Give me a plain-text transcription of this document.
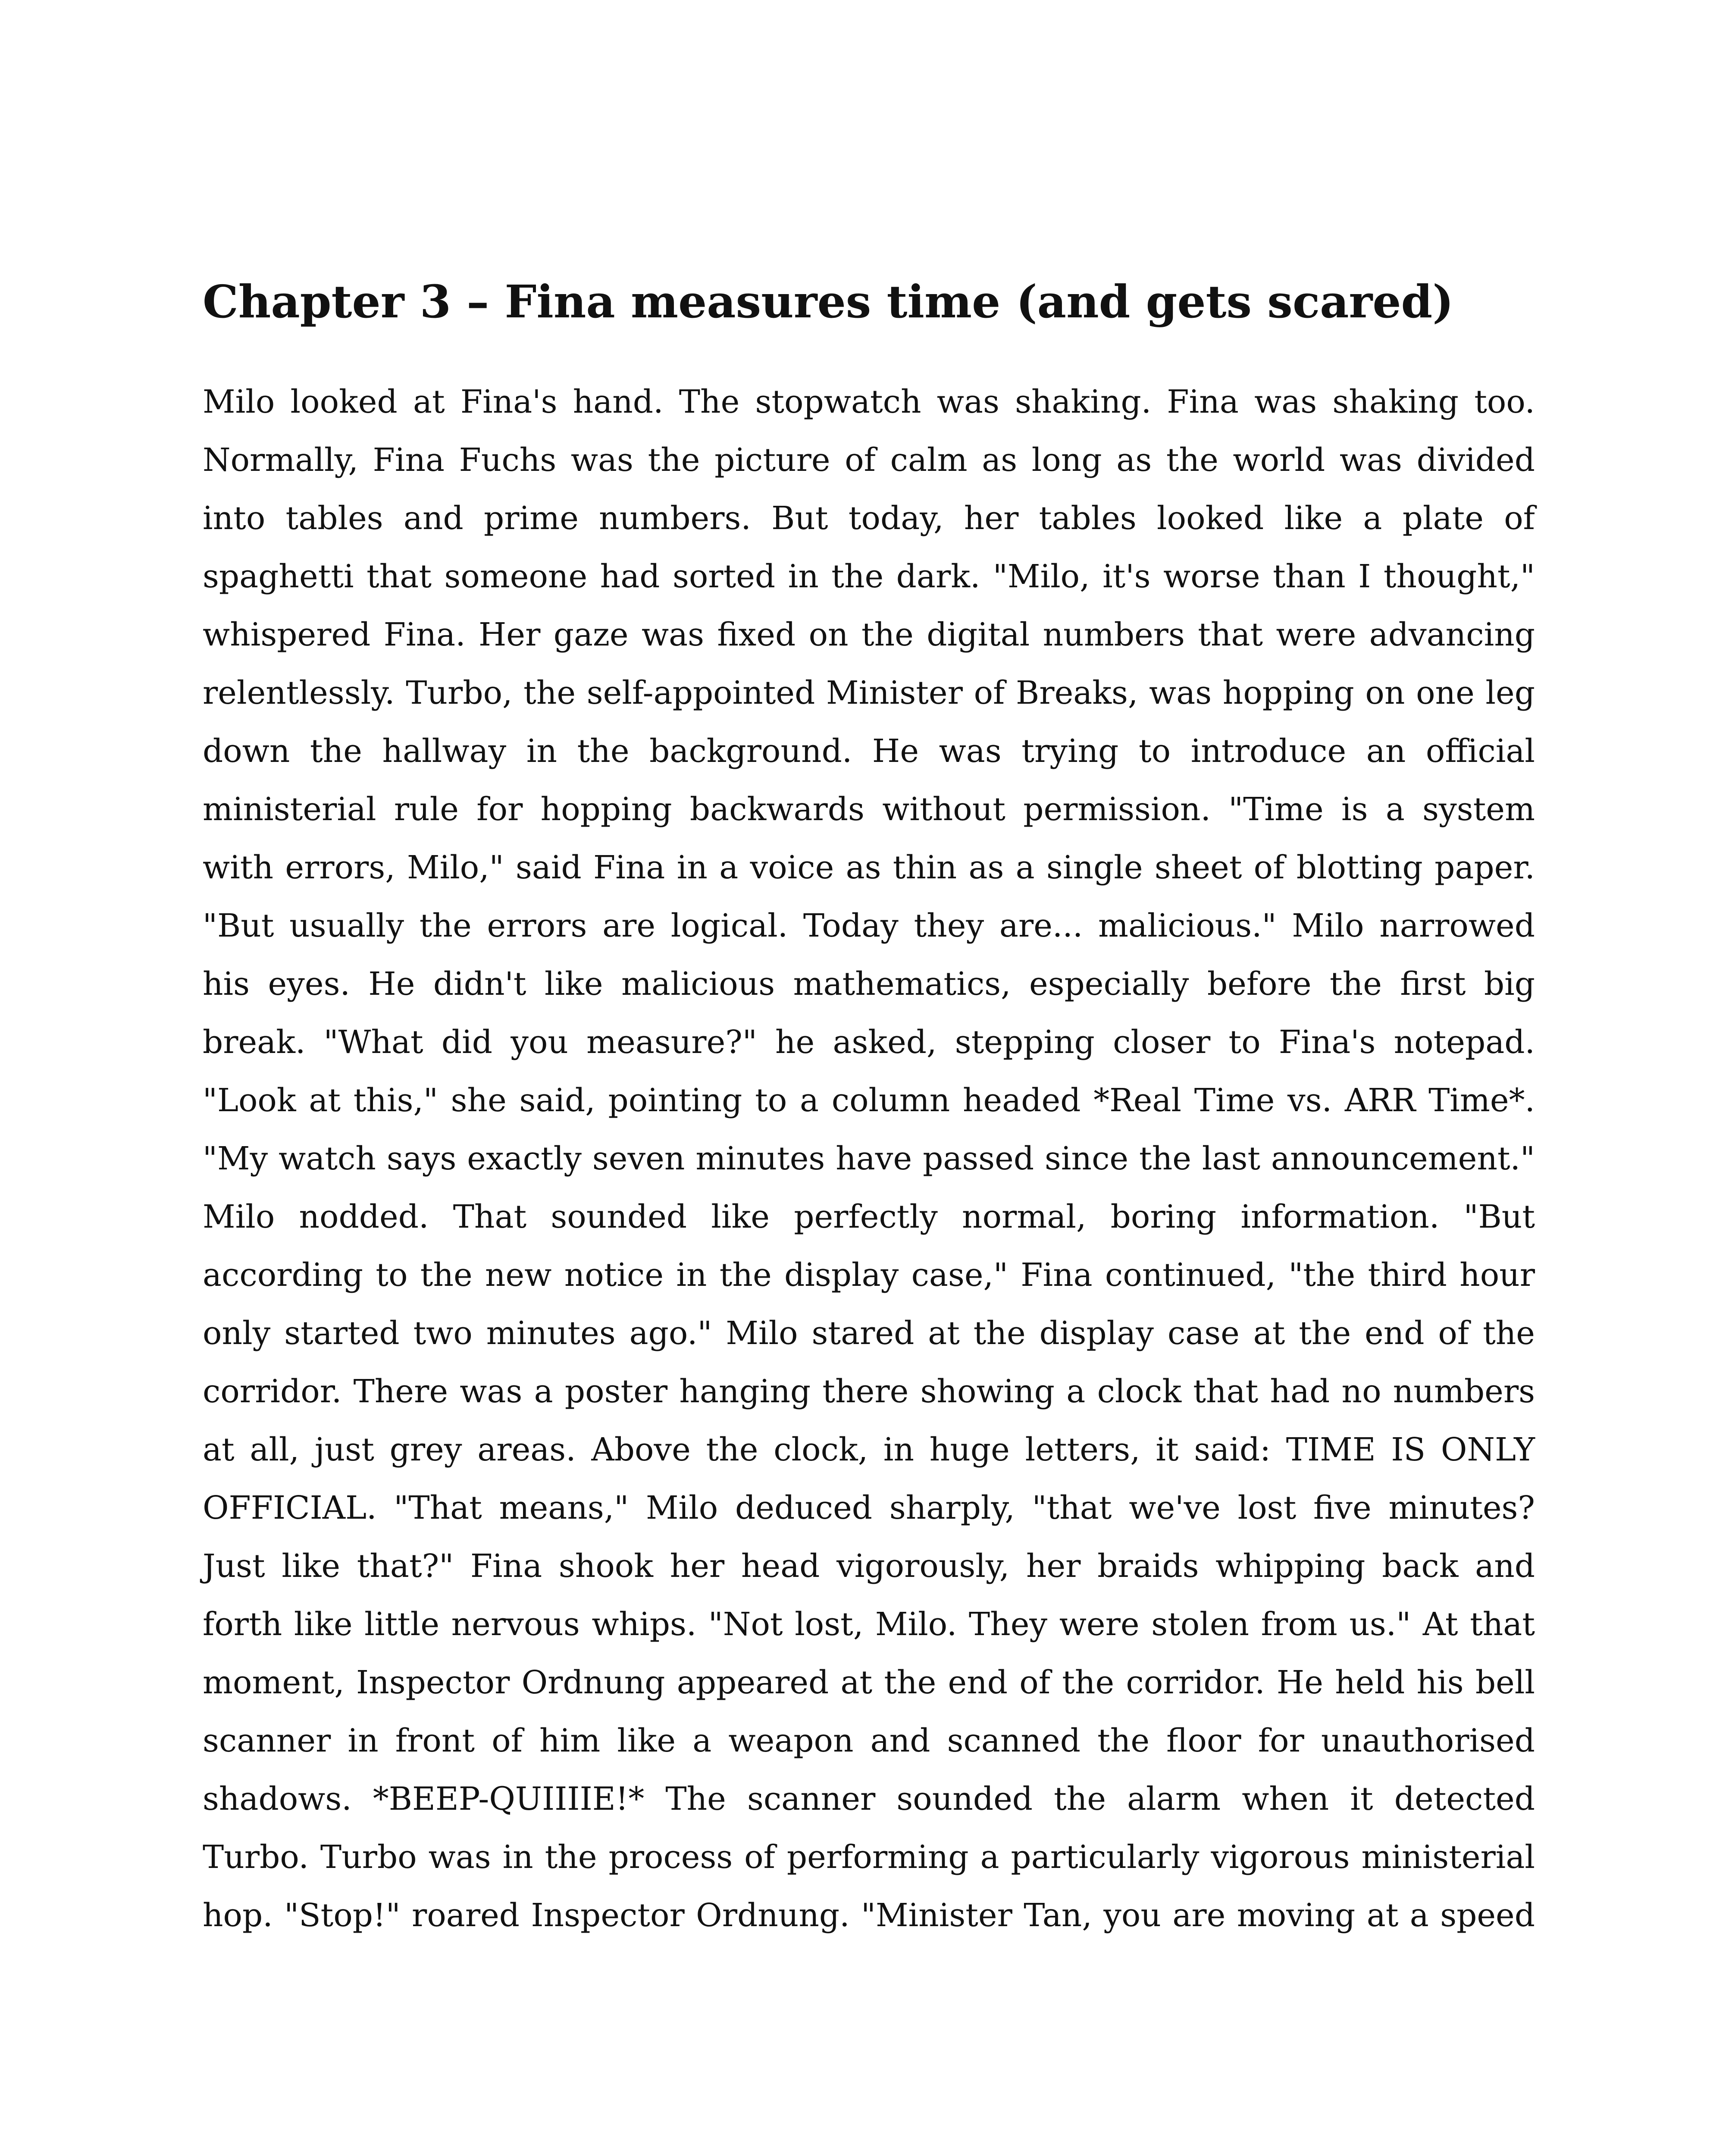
Chapter 3 – Fina measures time (and gets scared)
Milo looked at Fina's hand. The stopwatch was shaking. Fina was shaking too.
Normally, Fina Fuchs was the picture of calm as long as the world was divided
into tables and prime numbers. But today, her tables looked like a plate of
spaghetti that someone had sorted in the dark. "Milo, it's worse than I thought,"
whispered Fina. Her gaze was fixed on the digital numbers that were advancing
relentlessly. Turbo, the self-appointed Minister of Breaks, was hopping on one leg
down the hallway in the background. He was trying to introduce an official
ministerial rule for hopping backwards without permission. "Time is a system
with errors, Milo," said Fina in a voice as thin as a single sheet of blotting paper.
"But usually the errors are logical. Today they are... malicious." Milo narrowed
his eyes. He didn't like malicious mathematics, especially before the first big
break. "What did you measure?" he asked, stepping closer to Fina's notepad.
"Look at this," she said, pointing to a column headed *Real Time vs. ARR Time*.
"My watch says exactly seven minutes have passed since the last announcement."
Milo nodded. That sounded like perfectly normal, boring information. "But
according to the new notice in the display case," Fina continued, "the third hour
only started two minutes ago." Milo stared at the display case at the end of the
corridor. There was a poster hanging there showing a clock that had no numbers
at all, just grey areas. Above the clock, in huge letters, it said: TIME IS ONLY
OFFICIAL. "That means," Milo deduced sharply, "that we've lost five minutes?
Just like that?" Fina shook her head vigorously, her braids whipping back and
forth like little nervous whips. "Not lost, Milo. They were stolen from us." At that
moment, Inspector Ordnung appeared at the end of the corridor. He held his bell
scanner in front of him like a weapon and scanned the floor for unauthorised
shadows. *BEEP-QUIIIIE!* The scanner sounded the alarm when it detected
Turbo. Turbo was in the process of performing a particularly vigorous ministerial
hop. "Stop!" roared Inspector Ordnung. "Minister Tan, you are moving at a speed
